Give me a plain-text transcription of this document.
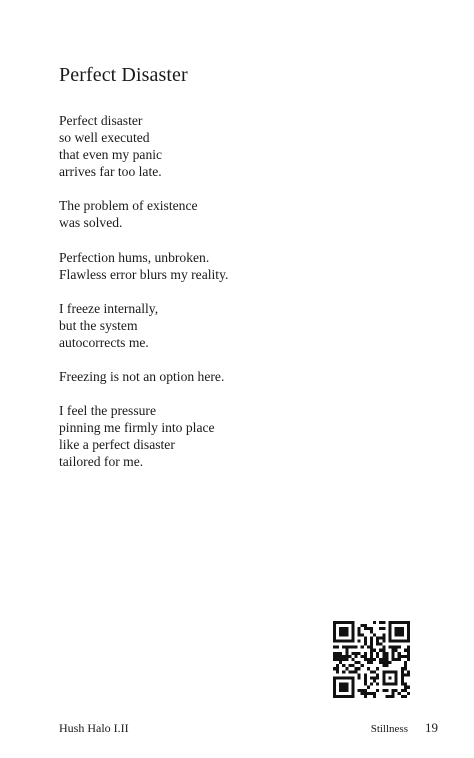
Perfect Disaster
Perfect disaster
so well executed
that even my panic
arrives far too late.
The problem of existence
was solved.
Perfection hums, unbroken.
Flawless error blurs my reality.
I freeze internally,
but the system
autocorrects me.
Freezing is not an option here.
I feel the pressure
pinning me firmly into place
like a perfect disaster
tailored for me.
Hush Halo I.II	Stillness 19
